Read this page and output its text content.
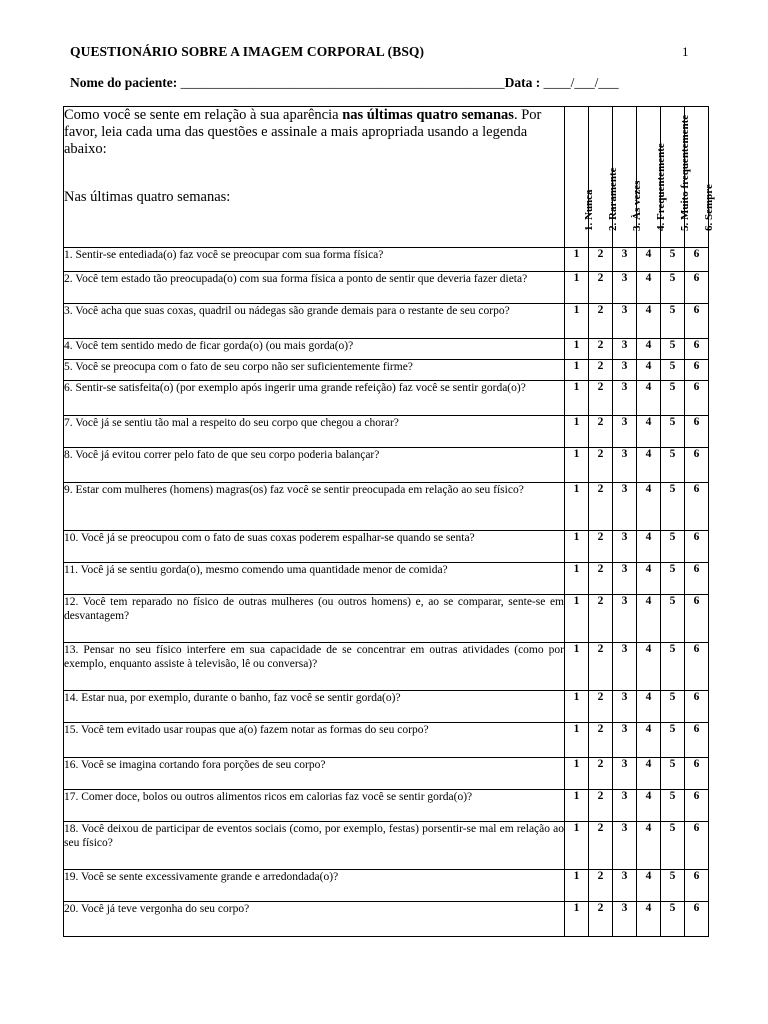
QUESTIONÁRIO SOBRE A IMAGEM CORPORAL (BSQ)	1
Nome do paciente: ________________________________________________Data : ____/___/___
Como você se sente em relação à sua aparência nas últimas quatro semanas. Por favor, leia cada uma das questões e assinale a mais apropriada usando a legenda abaixo:
Nas últimas quatro semanas:	1. Nunca	2. Raramente	3. Às vezes	4. Frequentemente	5. Muito frequentemente	6. Sempre

1. Sentir-se entediada(o) faz você se preocupar com sua forma física?	1	2	3	4	5	6
2. Você tem estado tão preocupada(o) com sua forma física a ponto de sentir que deveria fazer dieta?	1	2	3	4	5	6
3. Você acha que suas coxas, quadril ou nádegas são grande demais para o restante de seu corpo?	1	2	3	4	5	6
4. Você tem sentido medo de ficar gorda(o) (ou mais gorda(o)?	1	2	3	4	5	6
5. Você se preocupa com o fato de seu corpo não ser suficientemente firme?	1	2	3	4	5	6
6. Sentir-se satisfeita(o) (por exemplo após ingerir uma grande refeição) faz você se sentir gorda(o)?	1	2	3	4	5	6
7. Você já se sentiu tão mal a respeito do seu corpo que chegou a chorar?	1	2	3	4	5	6
8. Você já evitou correr pelo fato de que seu corpo poderia balançar?	1	2	3	4	5	6
9. Estar com mulheres (homens) magras(os) faz você se sentir preocupada em relação ao seu físico?	1	2	3	4	5	6
10. Você já se preocupou com o fato de suas coxas poderem espalhar-se quando se senta?	1	2	3	4	5	6
11. Você já se sentiu gorda(o), mesmo comendo uma quantidade menor de comida?	1	2	3	4	5	6
12. Você tem reparado no físico de outras mulheres (ou outros homens) e, ao se comparar, sente-se em desvantagem?	1	2	3	4	5	6
13. Pensar no seu físico interfere em sua capacidade de se concentrar em outras atividades (como por exemplo, enquanto assiste à televisão, lê ou conversa)?	1	2	3	4	5	6
14. Estar nua, por exemplo, durante o banho, faz você se sentir gorda(o)?	1	2	3	4	5	6
15. Você tem evitado usar roupas que a(o) fazem notar as formas do seu corpo?	1	2	3	4	5	6
16. Você se imagina cortando fora porções de seu corpo?	1	2	3	4	5	6
17. Comer doce, bolos ou outros alimentos ricos em calorias faz você se sentir gorda(o)?	1	2	3	4	5	6
18. Você deixou de participar de eventos sociais (como, por exemplo, festas) porsentir-se mal em relação ao seu físico?	1	2	3	4	5	6
19. Você se sente excessivamente grande e arredondada(o)?	1	2	3	4	5	6
20. Você já teve vergonha do seu corpo?	1	2	3	4	5	6
